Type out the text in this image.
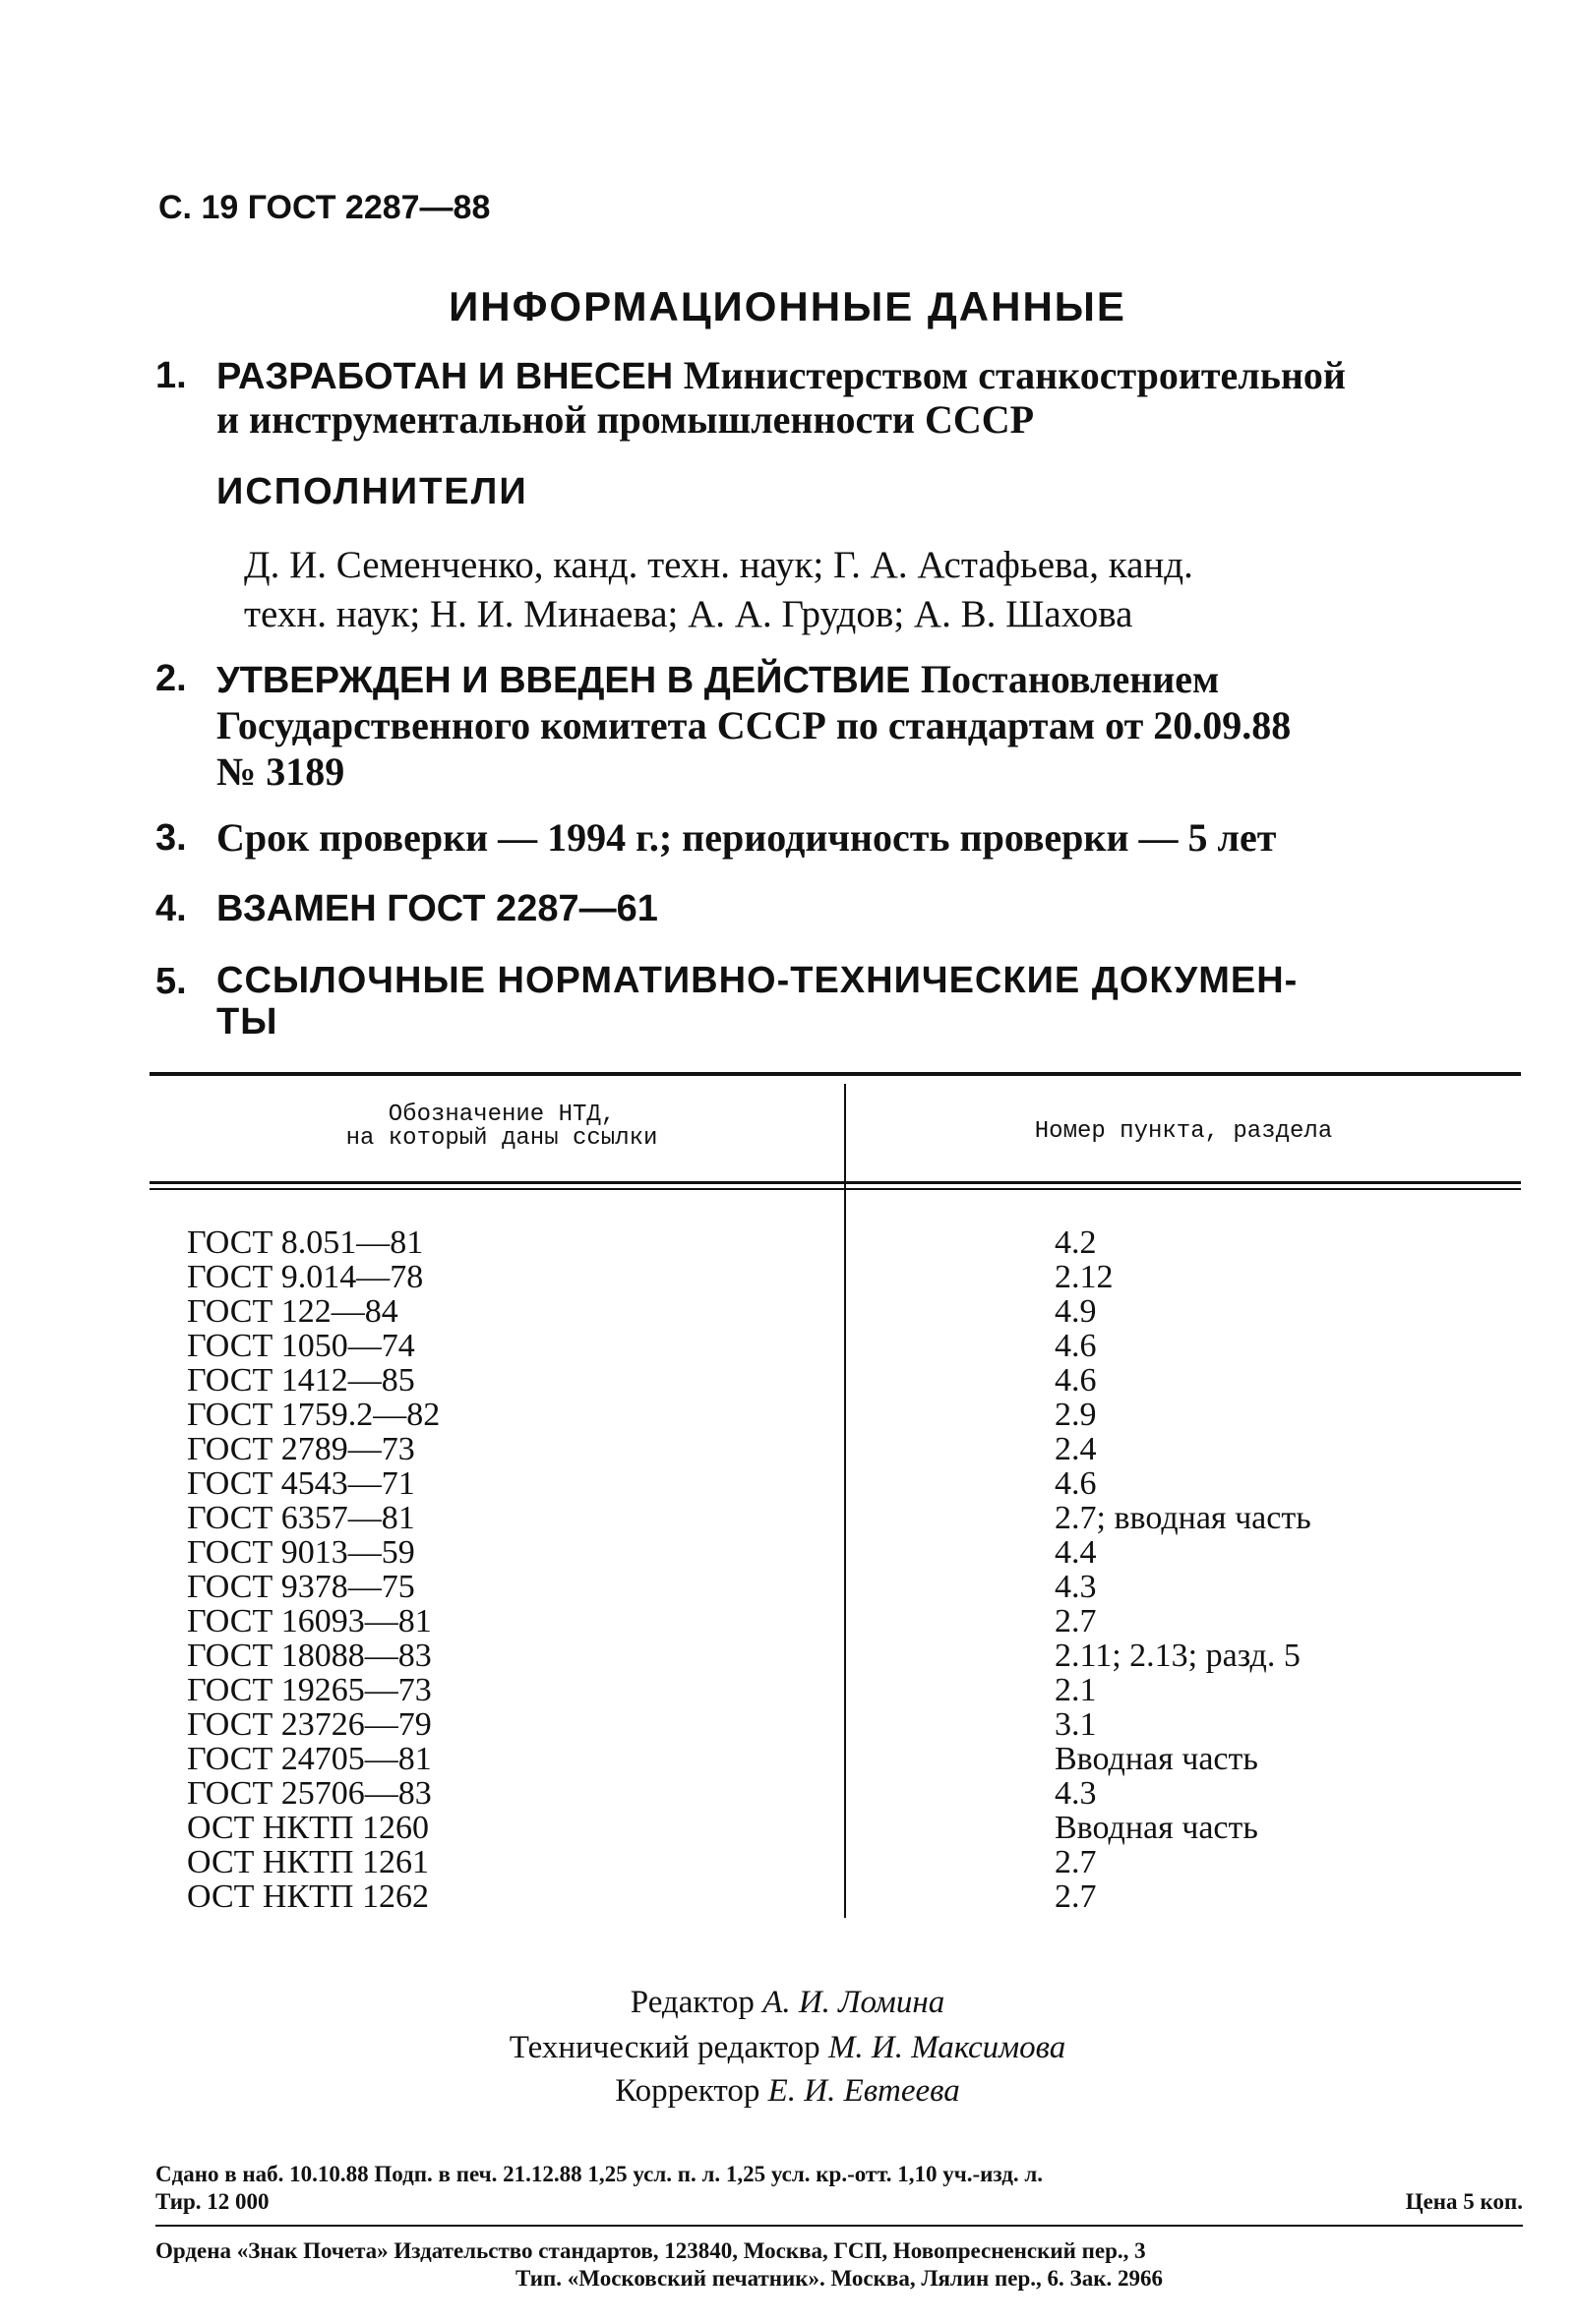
С. 19 ГОСТ 2287—88
ИНФОРМАЦИОННЫЕ ДАННЫЕ
1. РАЗРАБОТАН И ВНЕСЕН Министерством станкостроительной
и инструментальной промышленности СССР
ИСПОЛНИТЕЛИ
Д. И. Семенченко, канд. техн. наук; Г. А. Астафьева, канд.
техн. наук; Н. И. Минаева; А. А. Грудов; А. В. Шахова
2. УТВЕРЖДЕН И ВВЕДЕН В ДЕЙСТВИЕ Постановлением
Государственного комитета СССР по стандартам от 20.09.88
№ 3189
3. Срок проверки — 1994 г.; периодичность проверки — 5 лет
4. ВЗАМЕН ГОСТ 2287—61
5. ССЫЛОЧНЫЕ НОРМАТИВНО-ТЕХНИЧЕСКИЕ ДОКУМЕН-
ТЫ
Обозначение НТД,
на который даны ссылки	Номер пункта, раздела
ГОСТ 8.051—81	4.2
ГОСТ 9.014—78	2.12
ГОСТ 122—84	4.9
ГОСТ 1050—74	4.6
ГОСТ 1412—85	4.6
ГОСТ 1759.2—82	2.9
ГОСТ 2789—73	2.4
ГОСТ 4543—71	4.6
ГОСТ 6357—81	2.7; вводная часть
ГОСТ 9013—59	4.4
ГОСТ 9378—75	4.3
ГОСТ 16093—81	2.7
ГОСТ 18088—83	2.11; 2.13; разд. 5
ГОСТ 19265—73	2.1
ГОСТ 23726—79	3.1
ГОСТ 24705—81	Вводная часть
ГОСТ 25706—83	4.3
ОСТ НКТП 1260	Вводная часть
ОСТ НКТП 1261	2.7
ОСТ НКТП 1262	2.7
Редактор А. И. Ломина
Технический редактор М. И. Максимова
Корректор Е. И. Евтеева
Сдано в наб. 10.10.88 Подп. в печ. 21.12.88 1,25 усл. п. л. 1,25 усл. кр.-отт. 1,10 уч.-изд. л.
Тир. 12 000	Цена 5 коп.
Ордена «Знак Почета» Издательство стандартов, 123840, Москва, ГСП, Новопресненский пер., 3
Тип. «Московский печатник». Москва, Лялин пер., 6. Зак. 2966
